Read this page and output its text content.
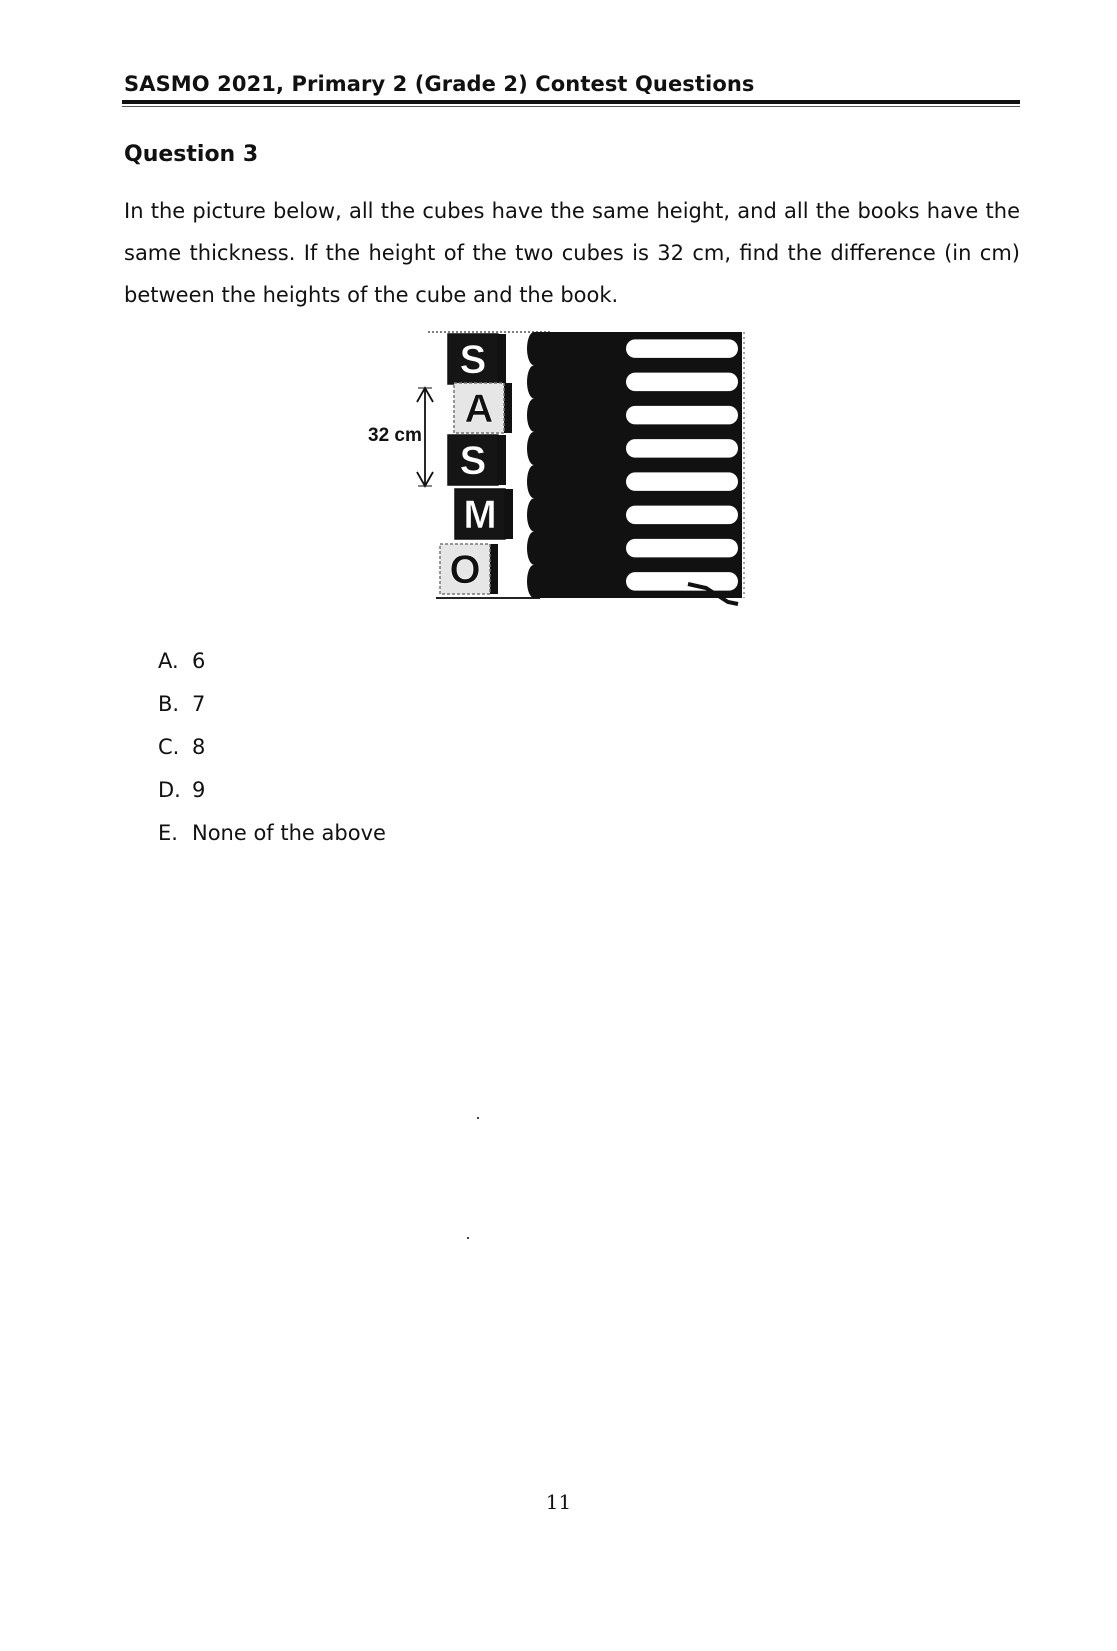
SASMO 2021, Primary 2 (Grade 2) Contest Questions
Question 3
In the picture below, all the cubes have the same height, and all the books have the same thickness. If the height of the two cubes is 32 cm, find the difference (in cm) between the heights of the cube and the book.
S
A
S
M
O
32 cm
A. 6
B. 7
C. 8
D. 9
E. None of the above
11
